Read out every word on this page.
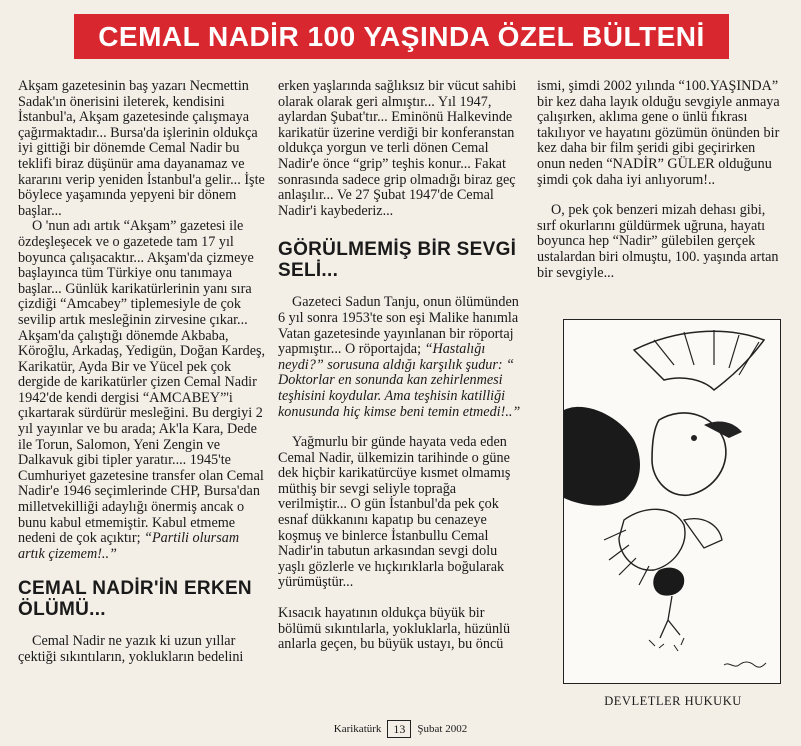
CEMAL NADİR 100 YAŞINDA ÖZEL BÜLTENİ

Akşam gazetesinin baş yazarı Necmettin Sadak'ın önerisini ileterek, kendisini İstanbul'a, Akşam gazetesinde çalışmaya çağırmaktadır... Bursa'da işlerinin oldukça iyi gittiği bir dönemde Cemal Nadir bu teklifi biraz düşünür ama dayanamaz ve kararını verip yeniden İstanbul'a gelir... İşte böylece yaşamında yepyeni bir dönem başlar...

O 'nun adı artık “Akşam” gazetesi ile özdeşleşecek ve o gazetede tam 17 yıl boyunca çalışacaktır... Akşam'da çizmeye başlayınca tüm Türkiye onu tanımaya başlar... Günlük karikatürlerinin yanı sıra çizdiği “Amcabey” tiplemesiyle de çok sevilip artık mesleğinin zirvesine çıkar... Akşam'da çalıştığı dönemde Akbaba, Köroğlu, Arkadaş, Yedigün, Doğan Kardeş, Karikatür, Ayda Bir ve Yücel pek çok dergide de karikatürler çizen Cemal Nadir 1942'de kendi dergisi “AMCABEY”'i çıkartarak sürdürür mesleğini. Bu dergiyi 2 yıl yayınlar ve bu arada; Ak'la Kara, Dede ile Torun, Salomon, Yeni Zengin ve Dalkavuk gibi tipler yaratır.... 1945'te Cumhuriyet gazetesine transfer olan Cemal Nadir'e 1946 seçimlerinde CHP, Bursa'dan milletvekilliği adaylığı önermiş ancak o bunu kabul etmemiştir. Kabul etmeme nedeni de çok açıktır; “Partili olursam artık çizemem!..”

CEMAL NADİR'İN ERKEN ÖLÜMÜ...

Cemal Nadir ne yazık ki uzun yıllar çektiği sıkıntıların, yoklukların bedelini

erken yaşlarında sağlıksız bir vücut sahibi olarak olarak geri almıştır... Yıl 1947, aylardan Şubat'tır... Eminönü Halkevinde karikatür üzerine verdiği bir konferanstan oldukça yorgun ve terli dönen Cemal Nadir'e önce “grip” teşhis konur... Fakat sonrasında sadece grip olmadığı biraz geç anlaşılır... Ve 27 Şubat 1947'de Cemal Nadir'i kaybederiz...

GÖRÜLMEMİŞ BİR SEVGİ SELİ...

Gazeteci Sadun Tanju, onun ölümünden 6 yıl sonra 1953'te son eşi Malike hanımla Vatan gazetesinde yayınlanan bir röportaj yapmıştır... O röportajda; “Hastalığı neydi?” sorusuna aldığı karşılık şudur: “ Doktorlar en sonunda kan zehirlenmesi teşhisini koydular. Ama teşhisin katilliği konusunda hiç kimse beni temin etmedi!..”

Yağmurlu bir günde hayata veda eden Cemal Nadir, ülkemizin tarihinde o güne dek hiçbir karikatürcüye kısmet olmamış müthiş bir sevgi seliyle toprağa verilmiştir... O gün İstanbul'da pek çok esnaf dükkanını kapatıp bu cenazeye koşmuş ve binlerce İstanbullu Cemal Nadir'in tabutun arkasından sevgi dolu yaşlı gözlerle ve hıçkırıklarla boğularak yürümüştür...

Kısacık hayatının oldukça büyük bir bölümü sıkıntılarla, yokluklarla, hüzünlü anlarla geçen, bu büyük ustayı, bu öncü

ismi, şimdi 2002 yılında “100.YAŞINDA” bir kez daha layık olduğu sevgiyle anmaya çalışırken, aklıma gene o ünlü fıkrası takılıyor ve hayatını gözümün önünden bir kez daha bir film şeridi gibi geçirirken onun neden “NADİR” GÜLER olduğunu şimdi çok daha iyi anlıyorum!..

O, pek çok benzeri mizah dehası gibi, sırf okurlarını güldürmek uğruna, hayatı boyunca hep “Nadir” gülebilen gerçek ustalardan biri olmuştu, 100. yaşında artan bir sevgiyle...

DEVLETLER HUKUKU
Karikatürk	13	Şubat 2002
